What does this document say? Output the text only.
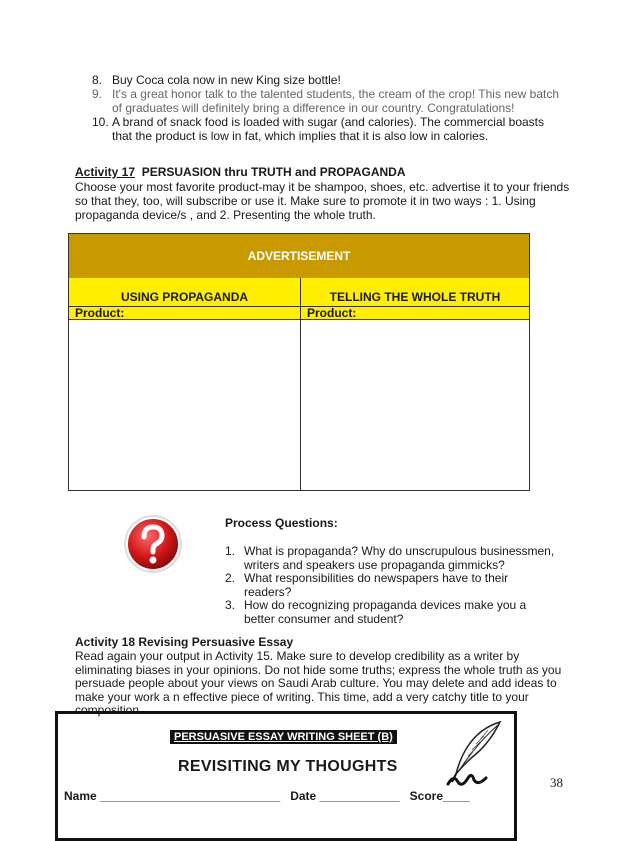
8. Buy Coca cola now in new King size bottle!
9. It's a great honor talk to the talented students, the cream of the crop! This new batch of graduates will definitely bring a difference in our country. Congratulations!
10. A brand of snack food is loaded with sugar (and calories). The commercial boasts that the product is low in fat, which implies that it is also low in calories.
Activity 17 PERSUASION thru TRUTH and PROPAGANDA
Choose your most favorite product-may it be shampoo, shoes, etc. advertise it to your friends so that they, too, will subscribe or use it. Make sure to promote it in two ways : 1. Using propaganda device/s , and 2. Presenting the whole truth.
ADVERTISEMENT
USING PROPAGANDA	TELLING THE WHOLE TRUTH
Product:	Product:
Process Questions:
1. What is propaganda? Why do unscrupulous businessmen, writers and speakers use propaganda gimmicks?
2. What responsibilities do newspapers have to their readers?
3. How do recognizing propaganda devices make you a better consumer and student?
Activity 18 Revising Persuasive Essay
Read again your output in Activity 15. Make sure to develop credibility as a writer by eliminating biases in your opinions. Do not hide some truths; express the whole truth as you persuade people about your views on Saudi Arab culture. You may delete and add ideas to make your work a n effective piece of writing. This time, add a very catchy title to your composition.
PERSUASIVE ESSAY WRITING SHEET (B)
REVISITING MY THOUGHTS
Name ___________________________   Date ____________   Score____
38
